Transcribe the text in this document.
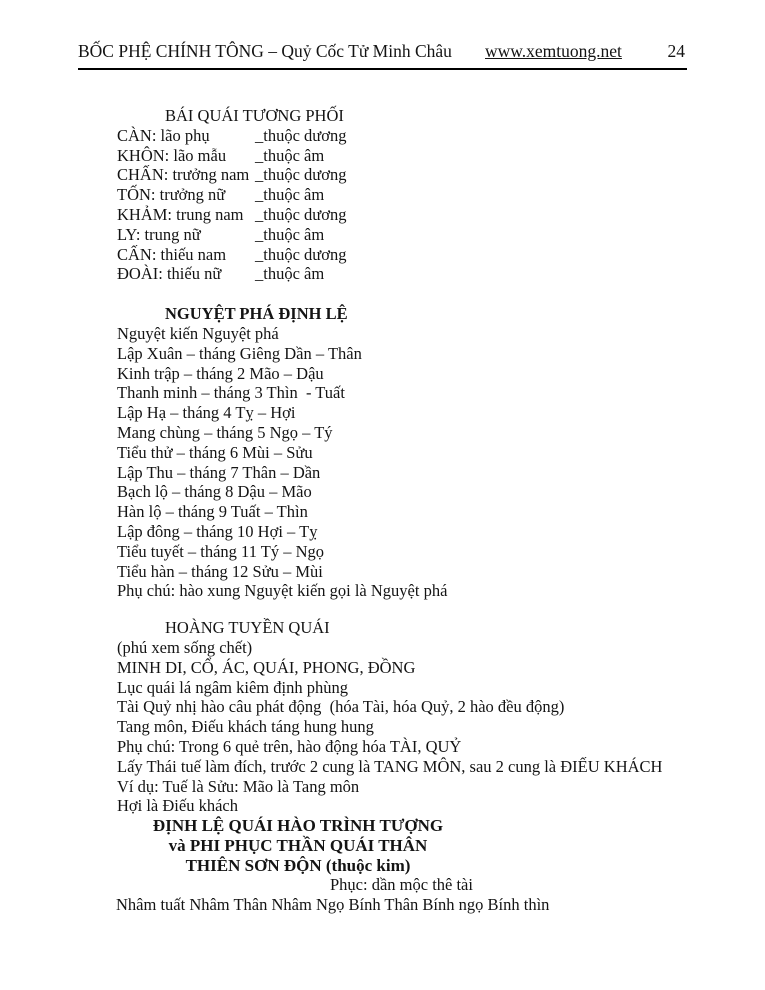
BỐC PHỆ CHÍNH TÔNG – Quỷ Cốc Tử Minh Châu	www.xemtuong.net	24
BÁI QUÁI TƯƠNG PHỐI
CÀN: lão phụ	_thuộc dương
KHÔN: lão mẫu	_thuộc âm
CHẤN: trưởng nam _thuộc dương
TỐN: trưởng nữ	_thuộc âm
KHẢM: trung nam _thuộc dương
LY: trung nữ	_thuộc âm
CẤN: thiếu nam	_thuộc dương
ĐOÀI: thiếu nữ	_thuộc âm
NGUYỆT PHÁ ĐỊNH LỆ
Nguyệt kiến Nguyệt phá
Lập Xuân – tháng Giêng Dần – Thân
Kinh trập – tháng 2 Mão – Dậu
Thanh minh – tháng 3 Thìn  - Tuất
Lập Hạ – tháng 4 Tỵ – Hợi
Mang chùng – tháng 5 Ngọ – Tý
Tiểu thử – tháng 6 Mùi – Sửu
Lập Thu – tháng 7 Thân – Dần
Bạch lộ – tháng 8 Dậu – Mão
Hàn lộ – tháng 9 Tuất – Thìn
Lập đông – tháng 10 Hợi – Tỵ
Tiểu tuyết – tháng 11 Tý – Ngọ
Tiểu hàn – tháng 12 Sửu – Mùi
Phụ chú: hào xung Nguyệt kiến gọi là Nguyệt phá
HOÀNG TUYỀN QUÁI
(phú xem sống chết)
MINH DI, CỔ, ÁC, QUÁI, PHONG, ĐỒNG
Lục quái lá ngâm kiêm định phùng
Tài Quỷ nhị hào câu phát động  (hóa Tài, hóa Quỷ, 2 hào đều động)
Tang môn, Điếu khách táng hung hung
Phụ chú: Trong 6 quẻ trên, hào động hóa TÀI, QUỶ
Lấy Thái tuế làm đích, trước 2 cung là TANG MÔN, sau 2 cung là ĐIẾU KHÁCH
Ví dụ: Tuế là Sửu: Mão là Tang môn
Hợi là Điếu khách
ĐỊNH LỆ QUÁI HÀO TRÌNH TƯỢNG
và PHI PHỤC THẦN QUÁI THÂN
THIÊN SƠN ĐỘN (thuộc kim)
Phục: dần mộc thê tài
Nhâm tuất Nhâm Thân Nhâm Ngọ Bính Thân Bính ngọ Bính thìn
